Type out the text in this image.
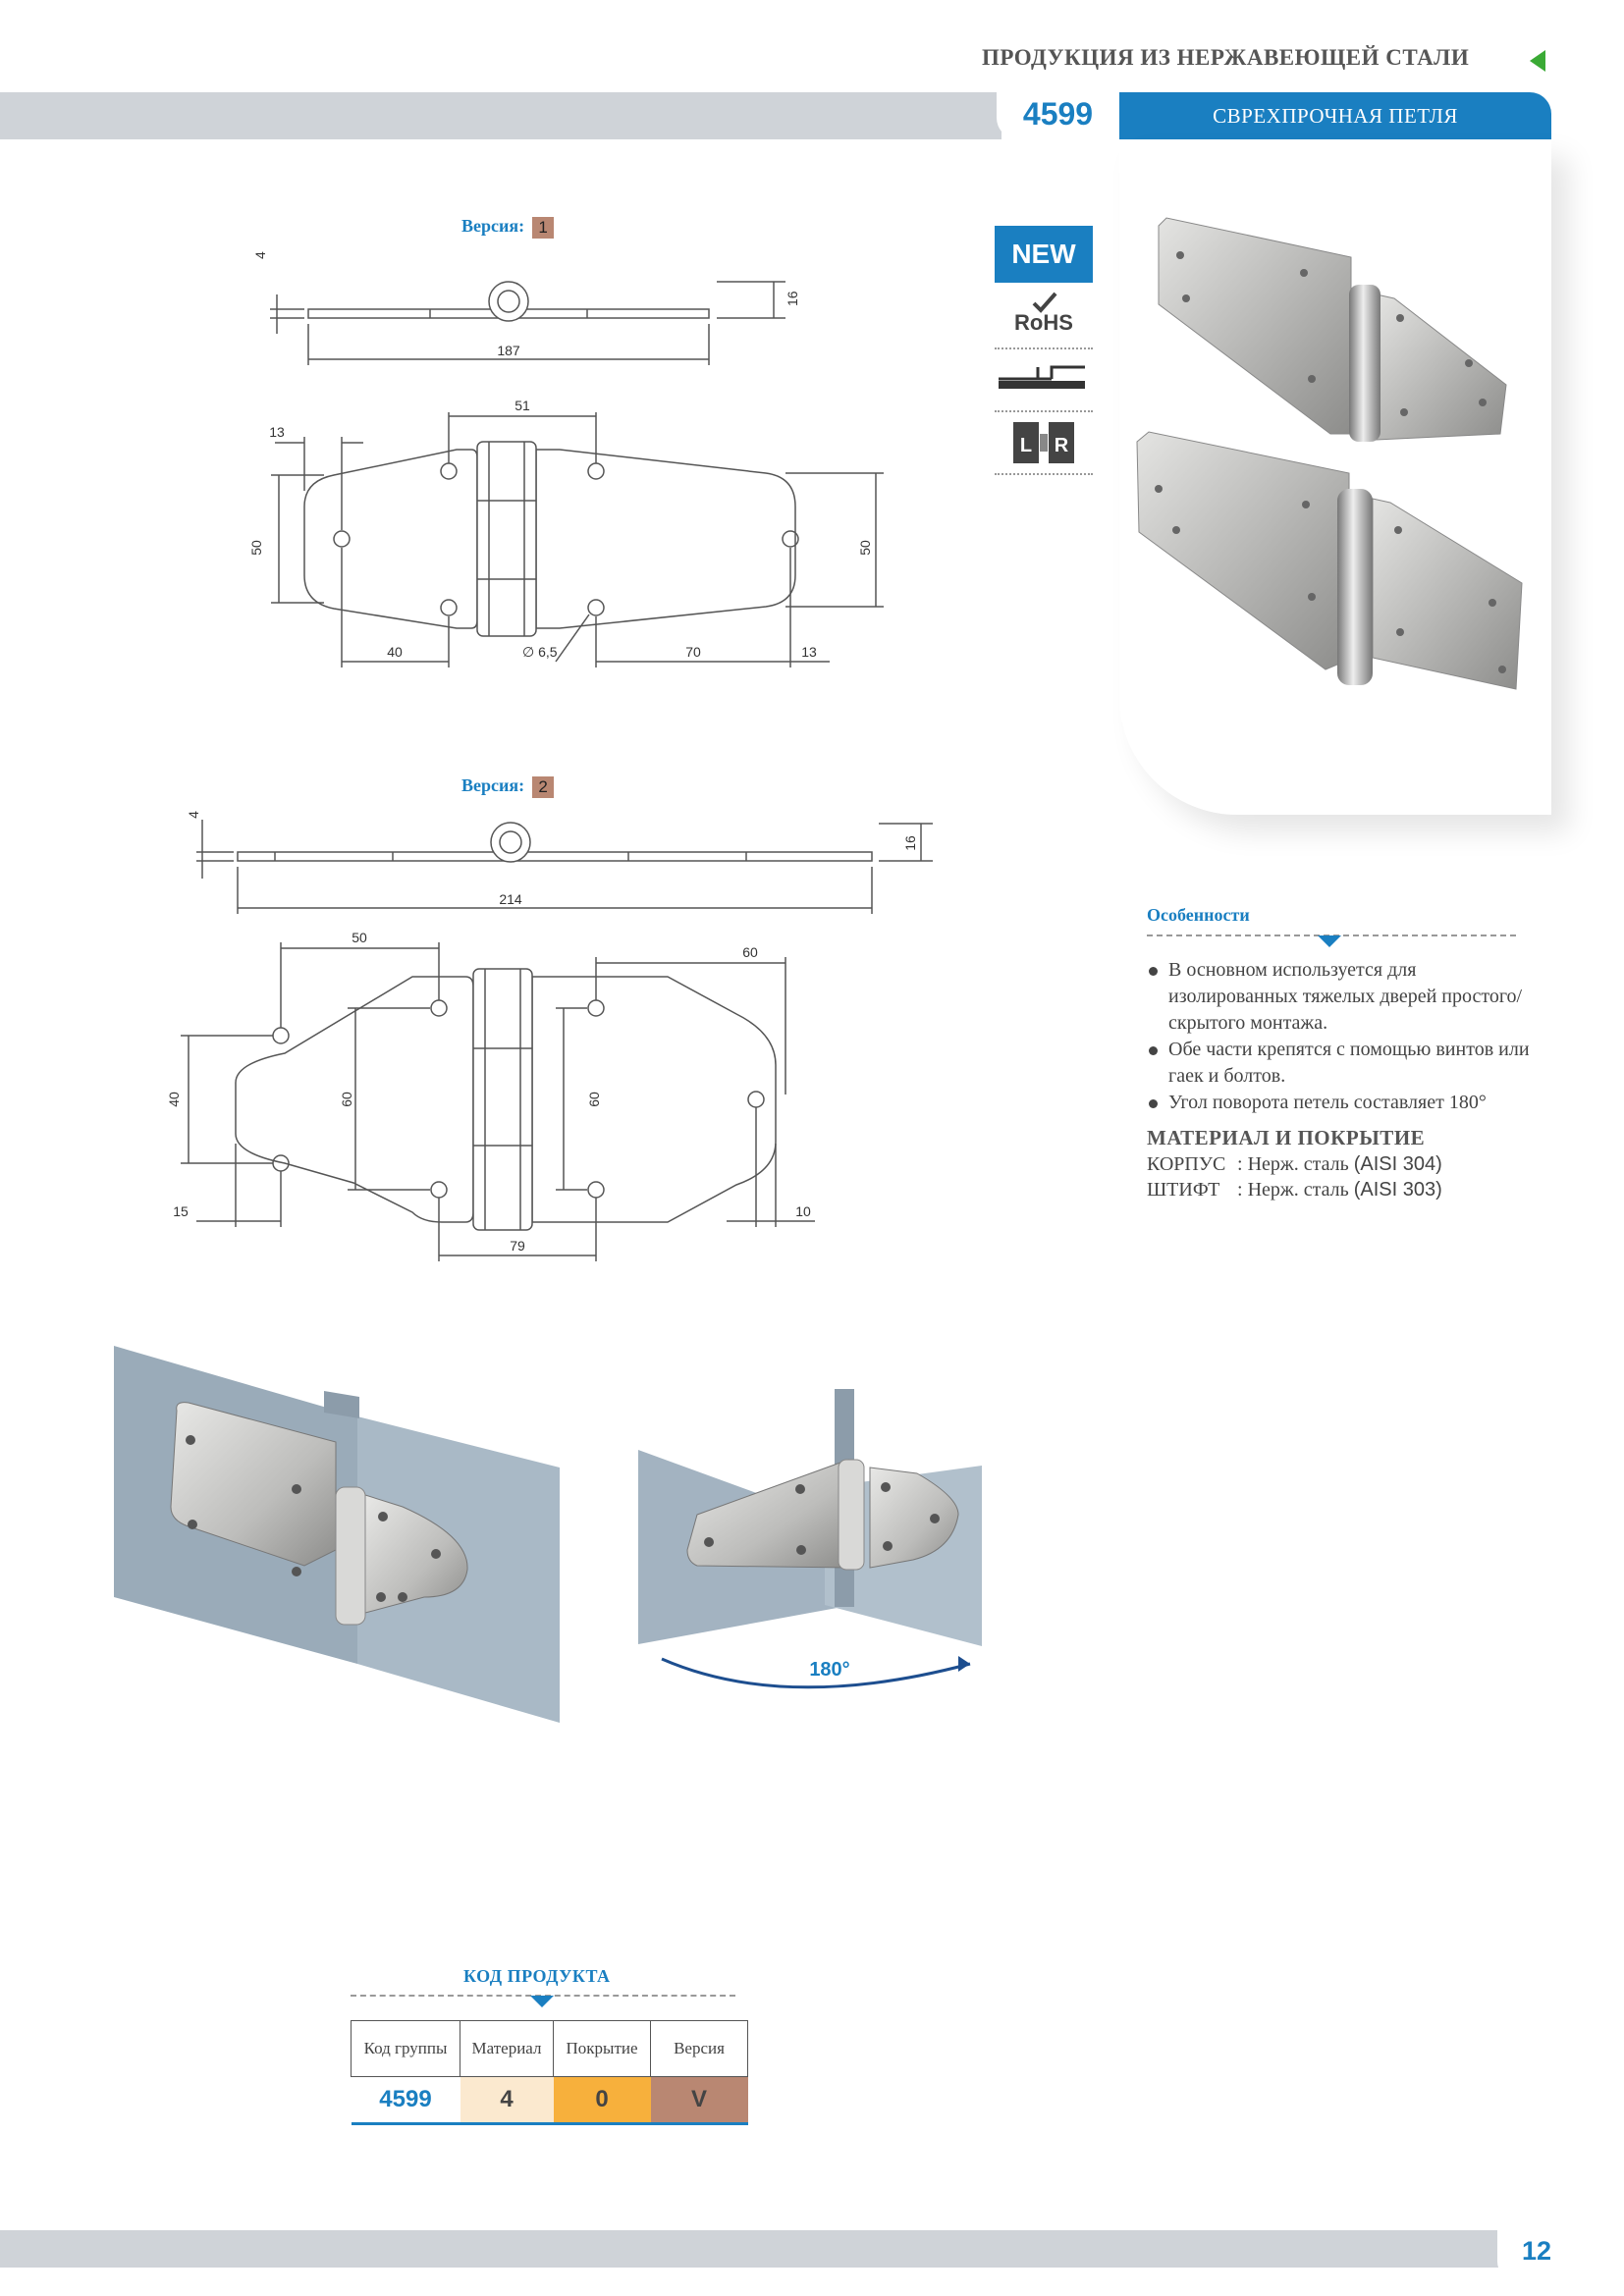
ПРОДУКЦИЯ ИЗ НЕРЖАВЕЮЩЕЙ СТАЛИ
4599	СВРЕХПРОЧНАЯ ПЕТЛЯ
NEW
RoHS
L R
Версия: 1
4
16
187
51
13
50	50
40	∅ 6,5	70	13
Версия: 2
4
16
214
50
60
40	60	60
15	10
79
Особенности

В основном используется для изолированных тяжелых дверей простого/скрытого монтажа.

Обе части крепятся с помощью винтов или гаек и болтов.

Угол поворота петель составляет 180°

МАТЕРИАЛ И ПОКРЫТИЕ
КОРПУС : Нерж. сталь (AISI 304)
ШТИФТ : Нерж. сталь (AISI 303)
180°
КОД ПРОДУКТА
Код группы	Материал	Покрытие	Версия
4599	4	0	V
12
